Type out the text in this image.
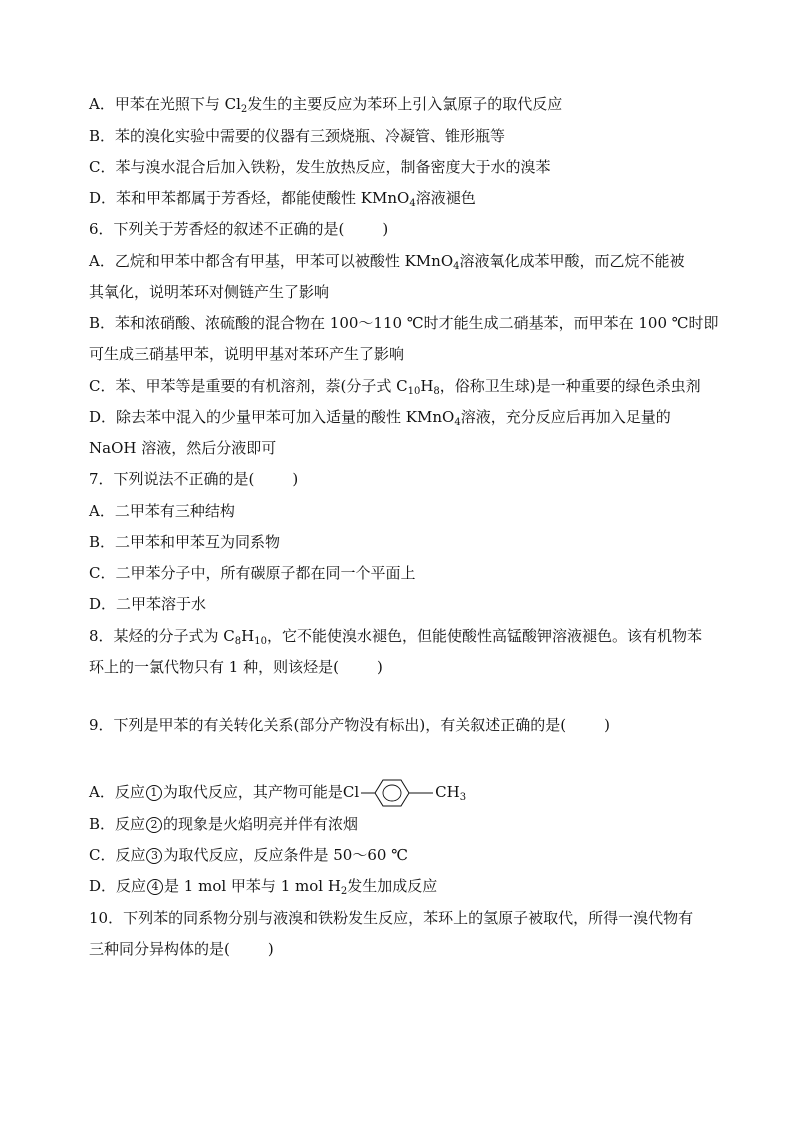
A．甲苯在光照下与 $Cl_2$发生的主要反应为苯环上引入氯原子的取代反应
B．苯的溴化实验中需要的仪器有三颈烧瓶、冷凝管、锥形瓶等
C．苯与溴水混合后加入铁粉，发生放热反应，制备密度大于水的溴苯
D．苯和甲苯都属于芳香烃，都能使酸性 KMnO$_4$溶液褪色
6．下列关于芳香烃的叙述不正确的是(	)
A．乙烷和甲苯中都含有甲基，甲苯可以被酸性 KMnO$_4$溶液氧化成苯甲酸，而乙烷不能被
其氧化，说明苯环对侧链产生了影响
B．苯和浓硝酸、浓硫酸的混合物在 100～110 ℃时才能生成二硝基苯，而甲苯在 100 ℃时即
可生成三硝基甲苯，说明甲基对苯环产生了影响
C．苯、甲苯等是重要的有机溶剂，萘(分子式 $C_{10}H_8$，俗称卫生球)是一种重要的绿色杀虫剂
D．除去苯中混入的少量甲苯可加入适量的酸性 KMnO$_4$溶液，充分反应后再加入足量的
NaOH 溶液，然后分液即可
7．下列说法不正确的是(	)
A．二甲苯有三种结构
B．二甲苯和甲苯互为同系物
C．二甲苯分子中，所有碳原子都在同一个平面上
D．二甲苯溶于水
8．某烃的分子式为 $C_8H_{10}$，它不能使溴水褪色，但能使酸性高锰酸钾溶液褪色。该有机物苯
环上的一氯代物只有 1 种，则该烃是(	)
9．下列是甲苯的有关转化关系(部分产物没有标出)，有关叙述正确的是(	)
A．反应 1 为取代反应，其产物可能是Cl	$CH_3$
B．反应 2 的现象是火焰明亮并伴有浓烟
C．反应 3 为取代反应，反应条件是 50～60 ℃
D．反应 4 是 1 mol 甲苯与 1 mol $H_2$发生加成反应
10．下列苯的同系物分别与液溴和铁粉发生反应，苯环上的氢原子被取代，所得一溴代物有
三种同分异构体的是(	)
